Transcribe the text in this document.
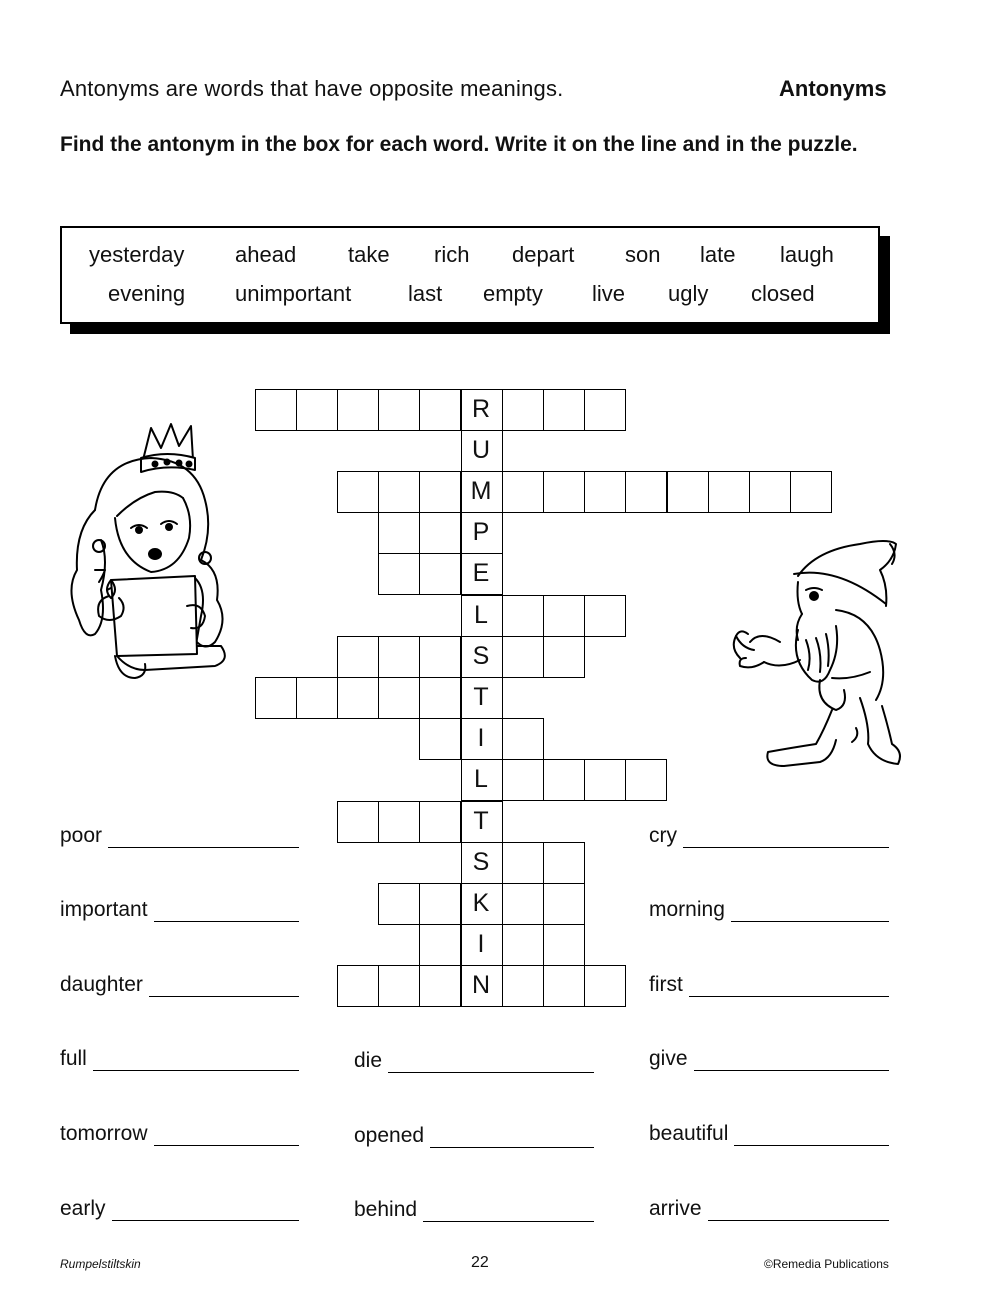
Antonyms are words that have opposite meanings.	Antonyms
Find the antonym in the box for each word. Write it on the line and in the puzzle.
yesterday ahead take rich depart son late laugh
evening unimportant	last empty live ugly closed
R
U
M
P
E
L
S
T
I
L
T
S
K
I
N
poor
important
daughter
full
tomorrow
early
die
opened
behind
cry
morning
first
give
beautiful
arrive
Rumpelstiltskin	22	©Remedia Publications
